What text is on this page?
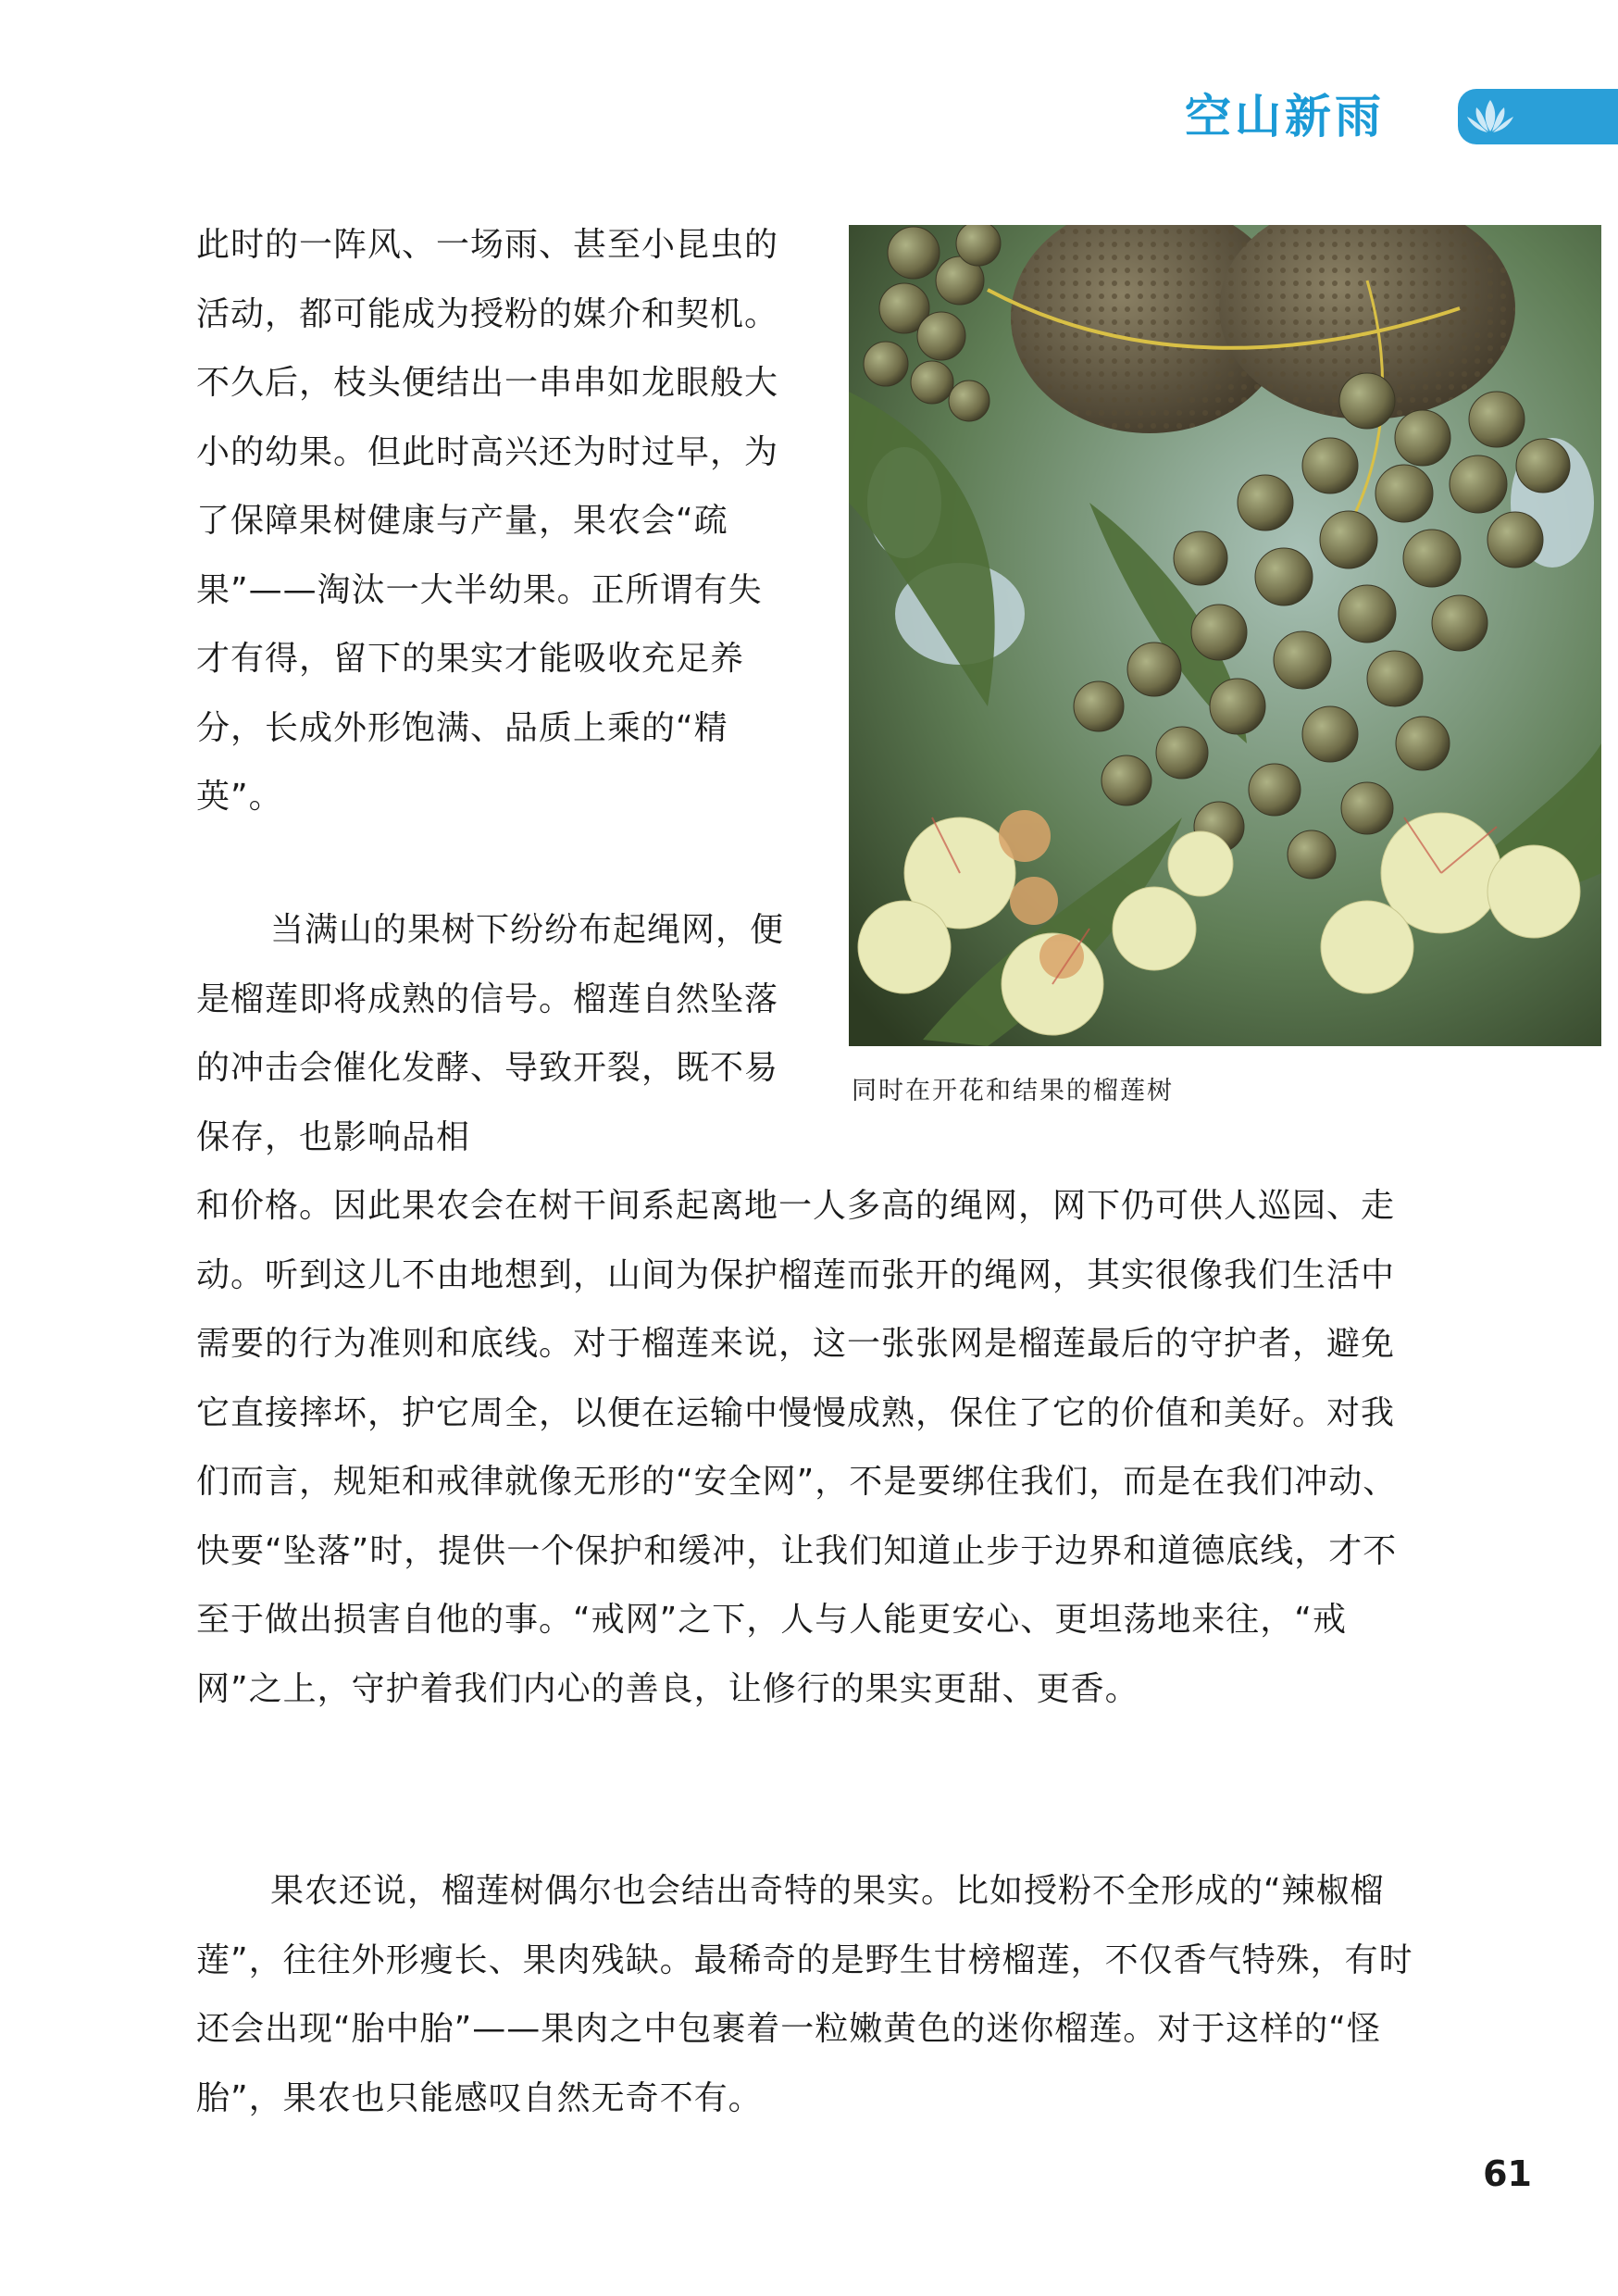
空山新雨

此时的一阵风、一场雨、甚至小昆虫的活动，都可能成为授粉的媒介和契机。不久后，枝头便结出一串串如龙眼般大小的幼果。但此时高兴还为时过早，为了保障果树健康与产量，果农会“疏果”——淘汰一大半幼果。正所谓有失才有得，留下的果实才能吸收充足养分，长成外形饱满、品质上乘的“精英”。

当满山的果树下纷纷布起绳网，便是榴莲即将成熟的信号。榴莲自然坠落的冲击会催化发酵、导致开裂，既不易保存，也影响品相

和价格。因此果农会在树干间系起离地一人多高的绳网，网下仍可供人巡园、走动。听到这儿不由地想到，山间为保护榴莲而张开的绳网，其实很像我们生活中需要的行为准则和底线。对于榴莲来说，这一张张网是榴莲最后的守护者，避免它直接摔坏，护它周全，以便在运输中慢慢成熟，保住了它的价值和美好。对我们而言，规矩和戒律就像无形的“安全网”，不是要绑住我们，而是在我们冲动、快要“坠落”时，提供一个保护和缓冲，让我们知道止步于边界和道德底线，才不至于做出损害自他的事。“戒网”之下，人与人能更安心、更坦荡地来往，“戒网”之上，守护着我们内心的善良，让修行的果实更甜、更香。

果农还说，榴莲树偶尔也会结出奇特的果实。比如授粉不全形成的“辣椒榴莲”，往往外形瘦长、果肉残缺。最稀奇的是野生甘榜榴莲，不仅香气特殊，有时还会出现“胎中胎”——果肉之中包裹着一粒嫩黄色的迷你榴莲。对于这样的“怪胎”，果农也只能感叹自然无奇不有。

同时在开花和结果的榴莲树
61
